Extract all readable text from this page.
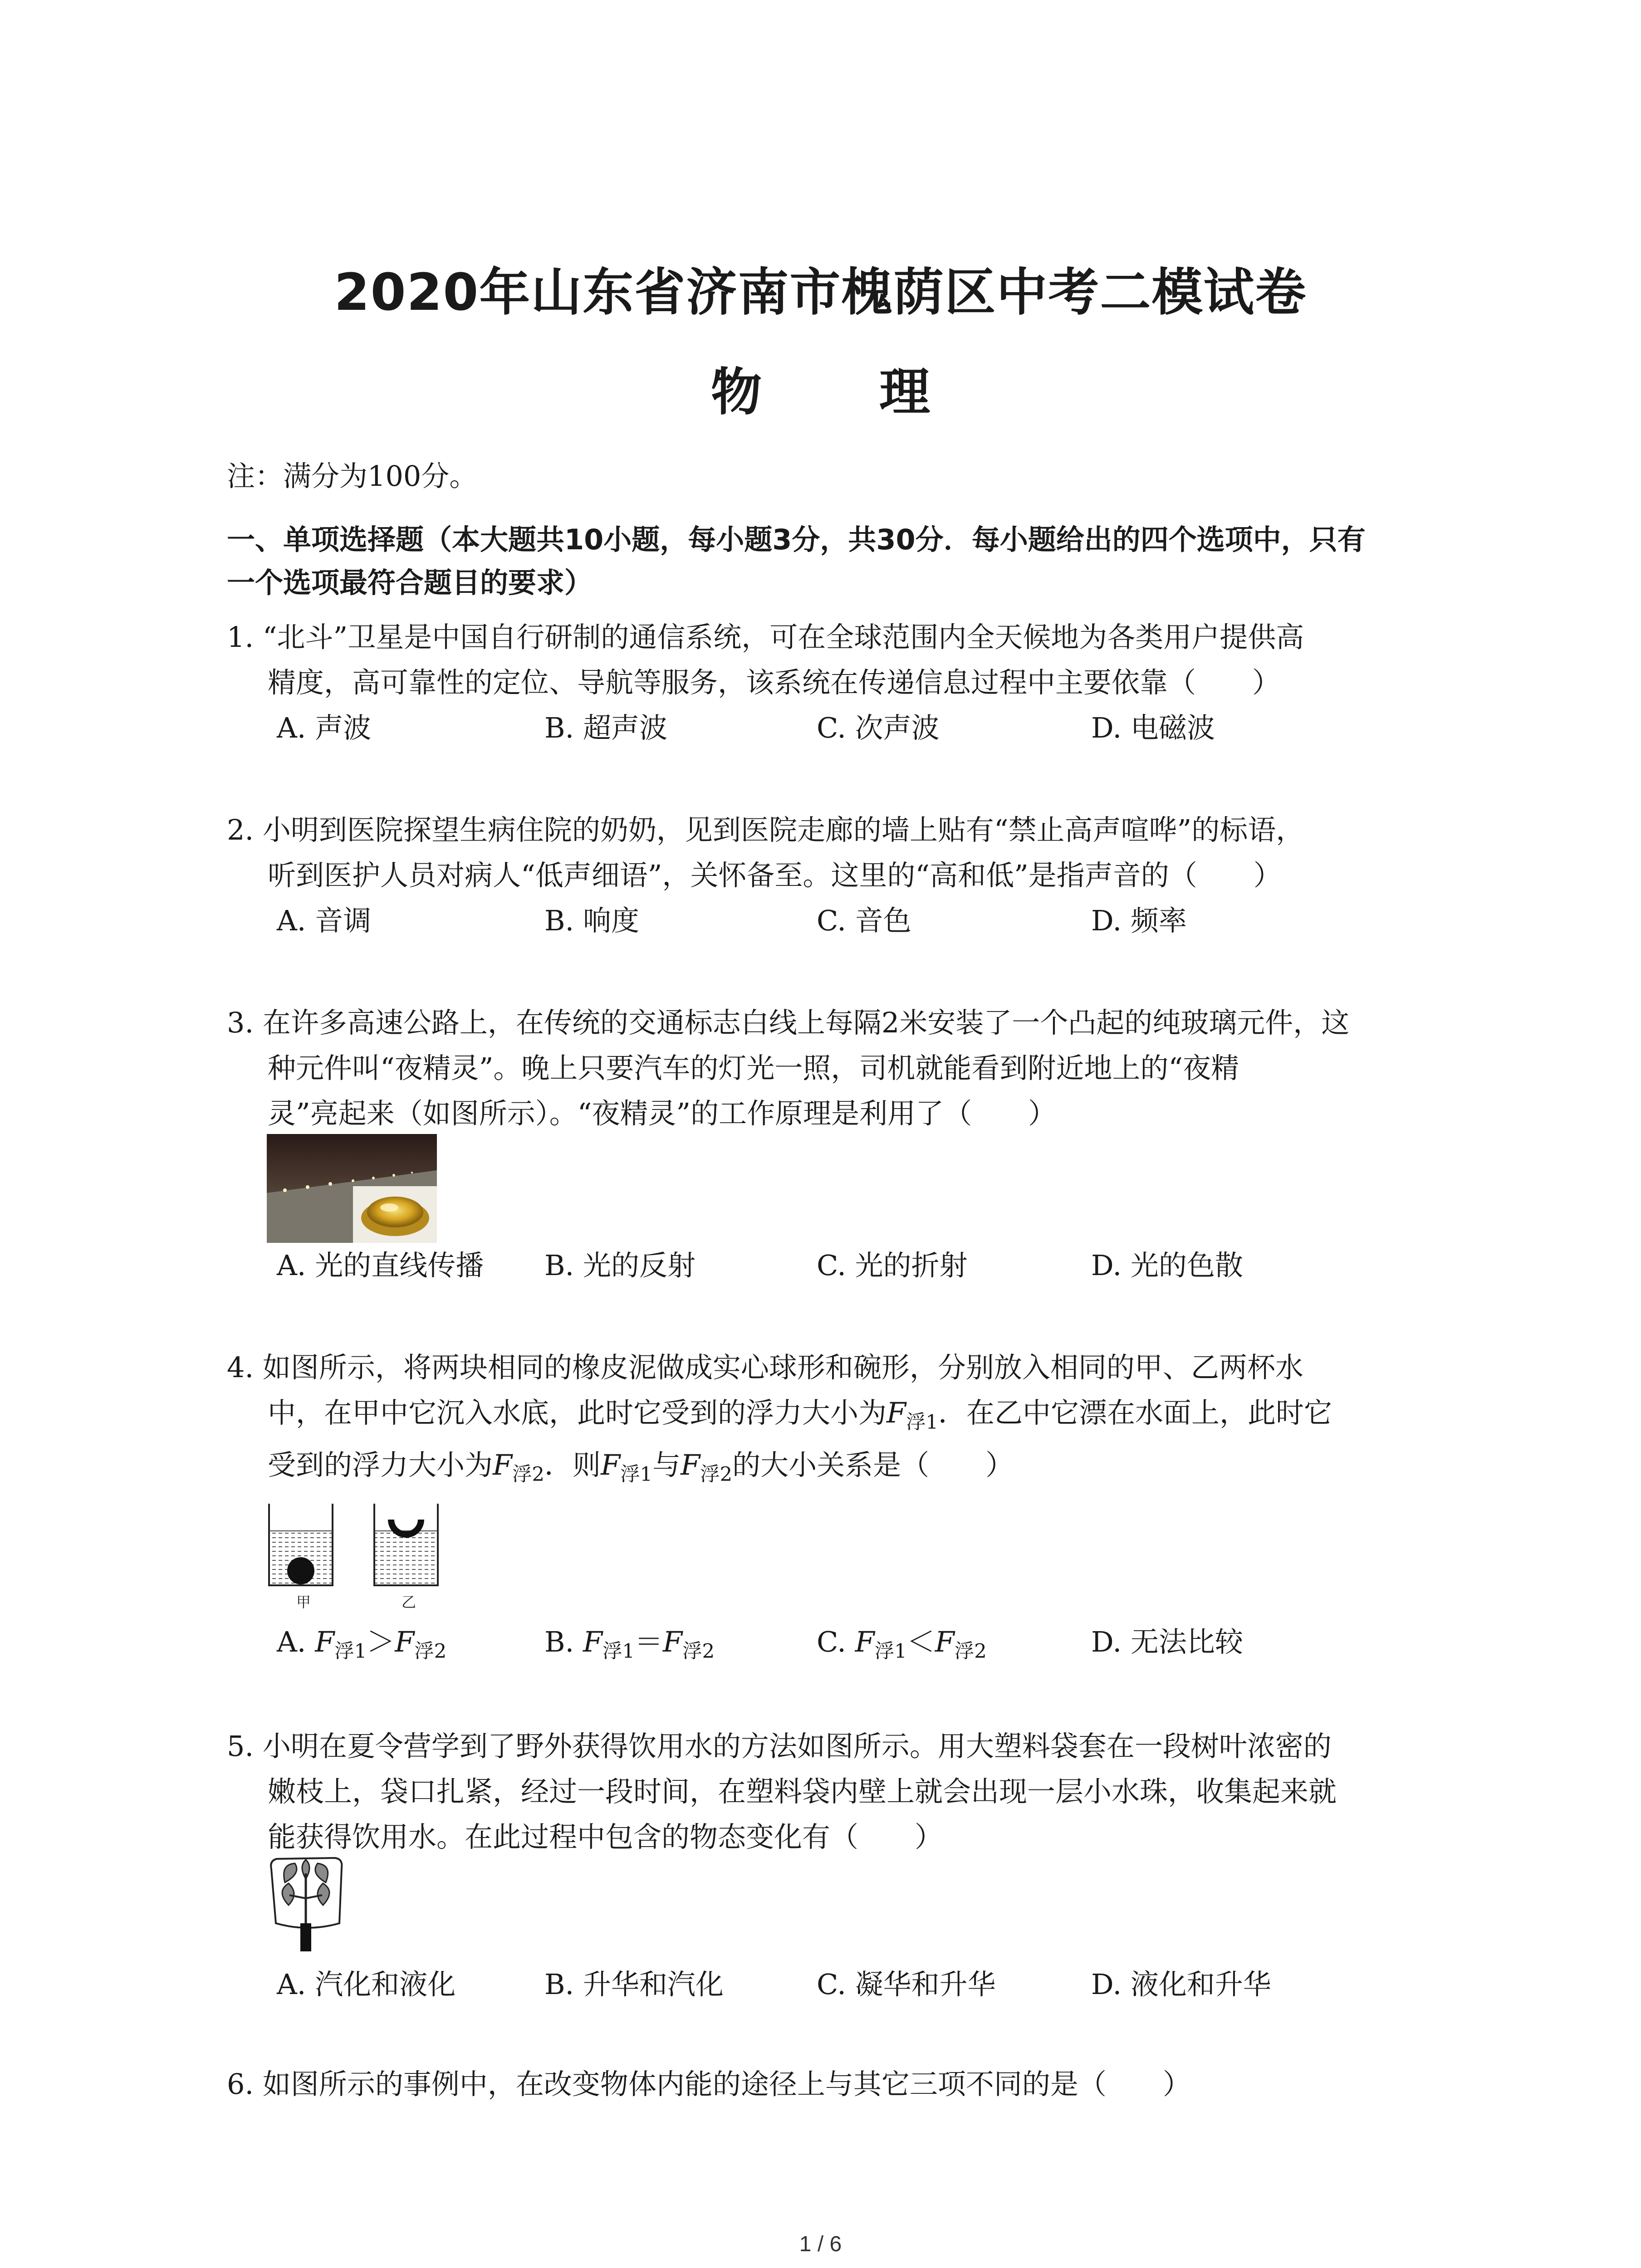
2020年山东省济南市槐荫区中考二模试卷
物 理
注：满分为100分。
一、单项选择题（本大题共10小题，每小题3分，共30分．每小题给出的四个选项中，只有
一个选项最符合题目的要求）
1. “北斗”卫星是中国自行研制的通信系统，可在全球范围内全天候地为各类用户提供高
精度，高可靠性的定位、导航等服务，该系统在传递信息过程中主要依靠（　　）
A. 声波	B. 超声波	C. 次声波	D. 电磁波
2. 小明到医院探望生病住院的奶奶，见到医院走廊的墙上贴有“禁止高声喧哗”的标语，
听到医护人员对病人“低声细语”，关怀备至。这里的“高和低”是指声音的（　　）
A. 音调	B. 响度	C. 音色	D. 频率
3. 在许多高速公路上，在传统的交通标志白线上每隔2米安装了一个凸起的纯玻璃元件，这
种元件叫“夜精灵”。晚上只要汽车的灯光一照，司机就能看到附近地上的“夜精
灵”亮起来（如图所示）。“夜精灵”的工作原理是利用了（　　）
A. 光的直线传播 B. 光的反射	C. 光的折射	D. 光的色散
4. 如图所示，将两块相同的橡皮泥做成实心球形和碗形，分别放入相同的甲、乙两杯水
中，在甲中它沉入水底，此时它受到的浮力大小为$F_{浮1}$．在乙中它漂在水面上，此时它
受到的浮力大小为$F_{浮2}$．则$F_{浮1}$与$F_{浮2}$的大小关系是（　　）
甲	乙
A. $F_{浮1}>F_{浮2}$	B. $F_{浮1}=F_{浮2}$	C. $F_{浮1}<F_{浮2}$	D. 无法比较
5. 小明在夏令营学到了野外获得饮用水的方法如图所示。用大塑料袋套在一段树叶浓密的
嫩枝上，袋口扎紧，经过一段时间，在塑料袋内壁上就会出现一层小水珠，收集起来就
能获得饮用水。在此过程中包含的物态变化有（　　）
A. 汽化和液化	B. 升华和汽化	C. 凝华和升华	D. 液化和升华
6. 如图所示的事例中，在改变物体内能的途径上与其它三项不同的是（　　）
1 / 6
